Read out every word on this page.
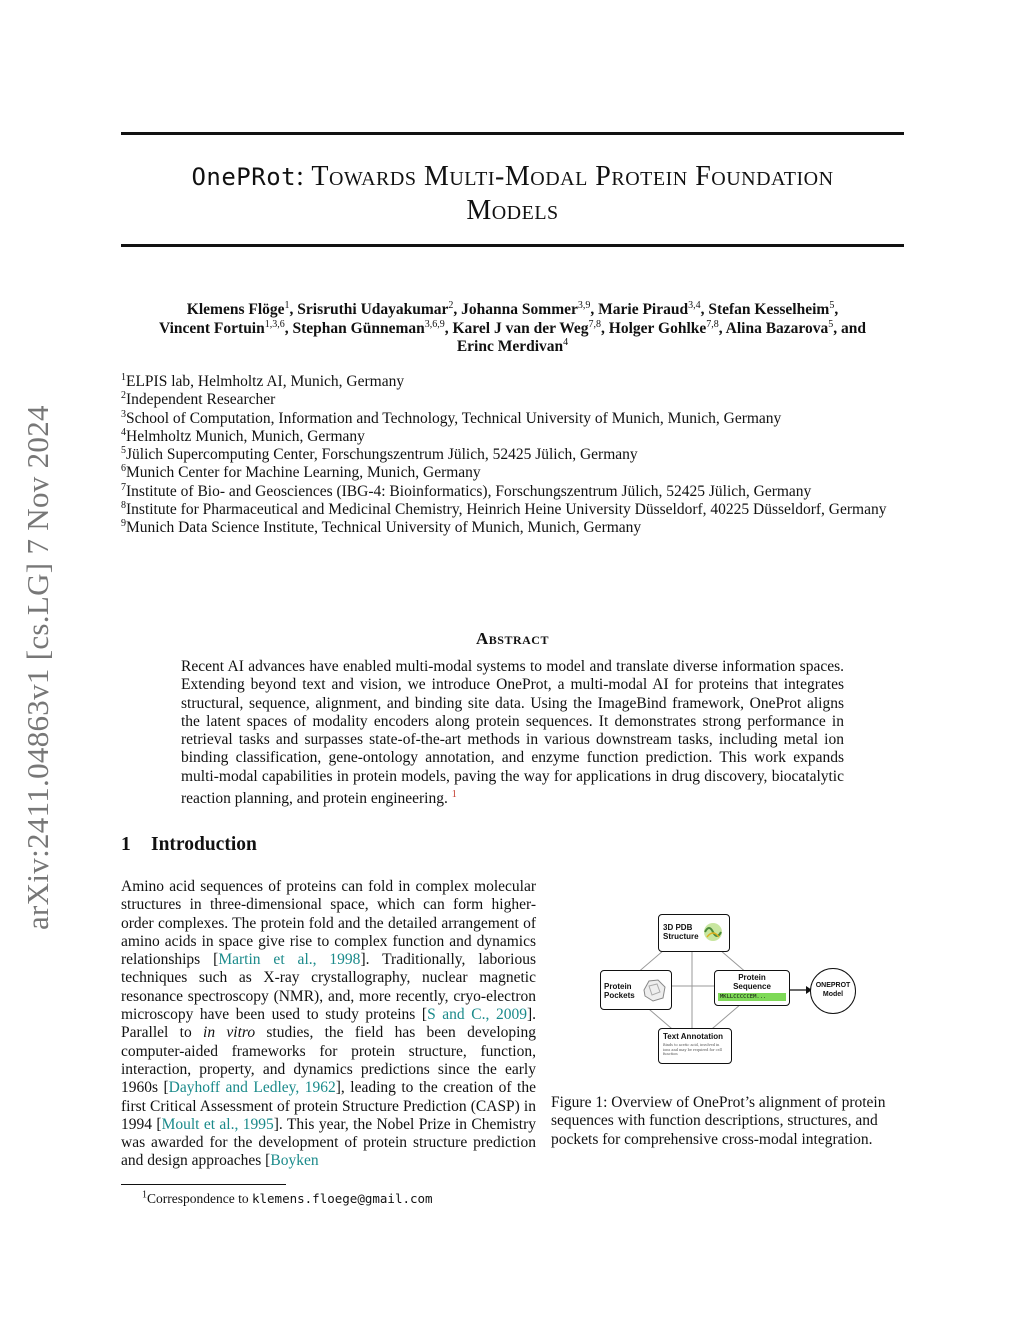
arXiv:2411.04863v1 [cs.LG] 7 Nov 2024
OnePRot: Towards Multi-Modal Protein Foundation
Models
Klemens Flöge$^1$, Srisruthi Udayakumar$^2$, Johanna Sommer$^{3,9}$, Marie Piraud$^{3,4}$, Stefan Kesselheim$^5$,
Vincent Fortuin$^{1,3,6}$, Stephan Günneman$^{3,6,9}$, Karel J van der Weg$^{7,8}$, Holger Gohlke$^{7,8}$, Alina Bazarova$^5$, and
Erinc Merdivan$^4$
$^1$ELPIS lab, Helmholtz AI, Munich, Germany
$^2$Independent Researcher
$^3$School of Computation, Information and Technology, Technical University of Munich, Munich, Germany
$^4$Helmholtz Munich, Munich, Germany
$^5$Jülich Supercomputing Center, Forschungszentrum Jülich, 52425 Jülich, Germany
$^6$Munich Center for Machine Learning, Munich, Germany
$^7$Institute of Bio- and Geosciences (IBG-4: Bioinformatics), Forschungszentrum Jülich, 52425 Jülich, Germany
$^8$Institute for Pharmaceutical and Medicinal Chemistry, Heinrich Heine University Düsseldorf, 40225 Düsseldorf, Germany
$^9$Munich Data Science Institute, Technical University of Munich, Munich, Germany
Abstract
Recent AI advances have enabled multi-modal systems to model and translate diverse information spaces. Extending beyond text and vision, we introduce OneProt, a multi-modal AI for proteins that integrates structural, sequence, alignment, and binding site data. Using the ImageBind framework, OneProt aligns the latent spaces of modality encoders along protein sequences. It demonstrates strong performance in retrieval tasks and surpasses state-of-the-art methods in various downstream tasks, including metal ion binding classification, gene-ontology annotation, and enzyme function prediction. This work expands multi-modal capabilities in protein models, paving the way for applications in drug discovery, biocatalytic reaction planning, and protein engineering. $^1$
1 Introduction
Amino acid sequences of proteins can fold in complex molecular structures in three-dimensional space, which can form higher-order complexes. The protein fold and the detailed arrangement of amino acids in space give rise to complex function and dynamics relationships [Martin et al., 1998]. Traditionally, laborious techniques such as X-ray crystallography, nuclear magnetic resonance spectroscopy (NMR), and, more recently, cryo-electron microscopy have been used to study proteins [S and C., 2009]. Parallel to in vitro studies, the field has been developing computer-aided frameworks for protein structure, function, interaction, property, and dynamics predictions since the early 1960s [Dayhoff and Ledley, 1962], leading to the creation of the first Critical Assessment of protein Structure Prediction (CASP) in 1994 [Moult et al., 1995]. This year, the Nobel Prize in Chemistry was awarded for the development of protein structure prediction and design approaches [Boyken
3D PDB
Structure
Protein
Pockets
Protein
Sequence
MKLLCCCCCEM...
ONEPROT
Model
Text Annotation
Binds to acetic acid, involved in ions and may be required for cell function
Figure 1: Overview of OneProt’s alignment of protein sequences with function descriptions, structures, and pockets for comprehensive cross-modal integration.
$^1$Correspondence to klemens.floege@gmail.com
